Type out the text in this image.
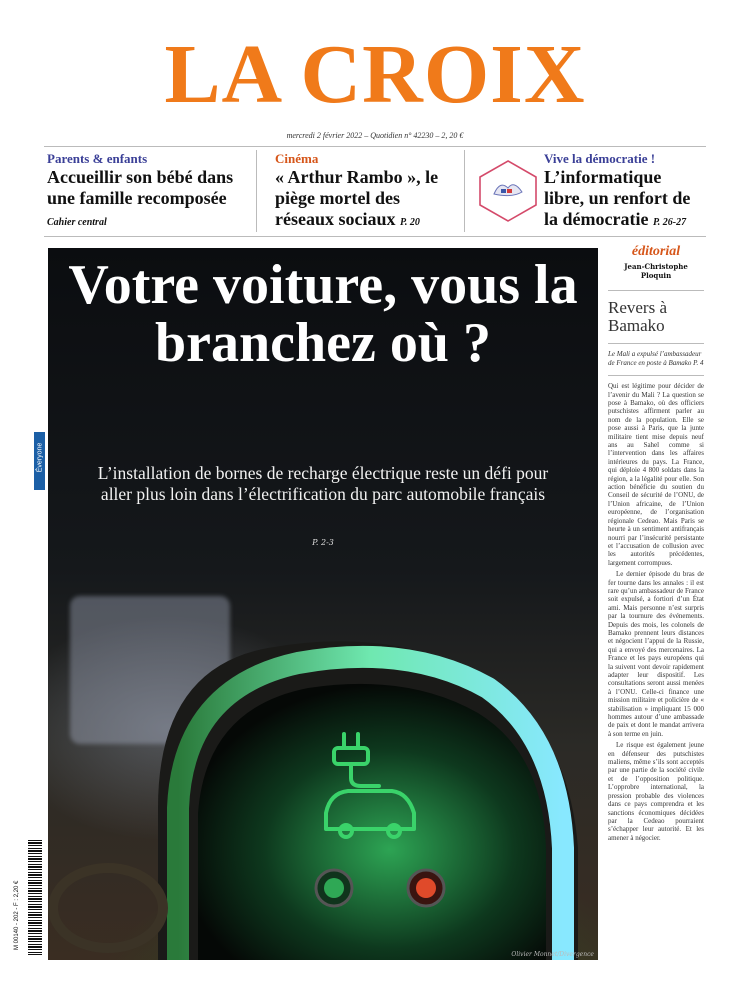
LA CROIX
mercredi 2 février 2022 – Quotidien n° 42230 – 2, 20 €
Parents & enfants
Accueillir son bébé dans une famille recomposée Cahier central
Cinéma
« Arthur Rambo », le piège mortel des réseaux sociaux P. 20
Vive la démocratie !
L’informatique libre, un renfort de la démocratie P. 26-27
Éveryone
M 00140 - 202 - F : 2,20 €
Votre voiture, vous la branchez où ?
L’installation de bornes de recharge électrique reste un défi pour aller plus loin dans l’électrification du parc automobile français
P. 2-3
Olivier Monnet/Divergence
éditorial
Jean-Christophe Ploquin
Revers à Bamako
Le Mali a expulsé l’ambassadeur de France en poste à Bamako P. 4
Qui est légitime pour décider de l’avenir du Mali ? La question se pose à Bamako, où des officiers putschistes affirment parler au nom de la population. Elle se pose aussi à Paris, que la junte militaire tient mise depuis neuf ans au Sahel comme si l’intervention dans les affaires intérieures du pays. La France, qui déploie 4 800 soldats dans la région, a la légalité pour elle. Son action bénéficie du soutien du Conseil de sécurité de l’ONU, de l’Union africaine, de l’Union européenne, de l’organisation régionale Cedeao. Mais Paris se heurte à un sentiment antifrançais nourri par l’insécurité persistante et l’accusation de collusion avec les autorités précédentes, largement corrompues.
Le dernier épisode du bras de fer tourne dans les annales : il est rare qu’un ambassadeur de France soit expulsé, a fortiori d’un État ami. Mais personne n’est surpris par la tournure des événements. Depuis des mois, les colonels de Bamako prennent leurs distances et négocient l’appui de la Russie, qui a envoyé des mercenaires. La France et les pays européens qui la suivent vont devoir rapidement adapter leur dispositif. Les consultations seront aussi menées à l’ONU. Celle-ci finance une mission militaire et policière de « stabilisation » impliquant 15 000 hommes autour d’une ambassade de paix et dont le mandat arrivera à son terme en juin.
Le risque est également jeune en défenseur des putschistes maliens, même s’ils sont acceptés par une partie de la société civile et de l’opposition politique. L’opprobre international, la pression probable des violences dans ce pays comprendra et les sanctions économiques décidées par la Cedeao pourraient s’échapper leur autorité. Et les amener à négocier.
